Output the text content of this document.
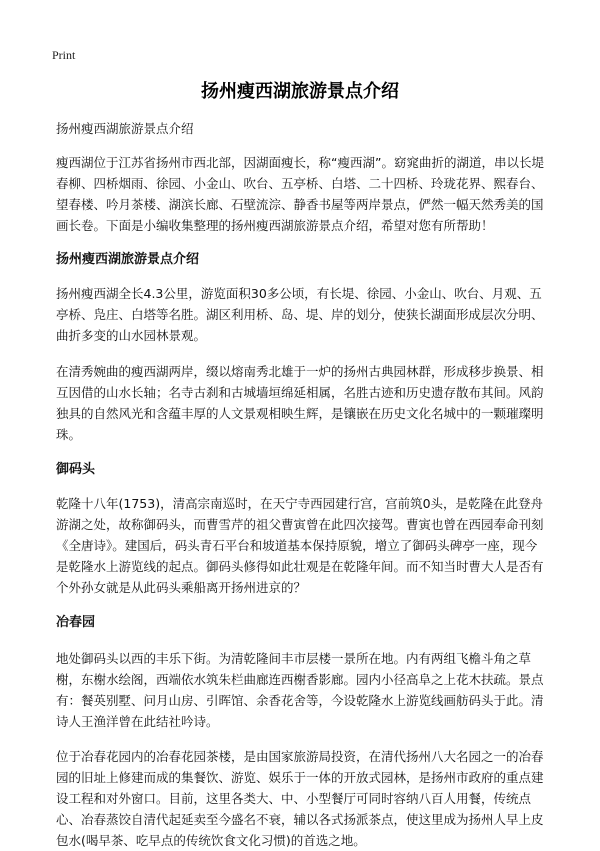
Print
扬州瘦西湖旅游景点介绍

扬州瘦西湖旅游景点介绍

瘦西湖位于江苏省扬州市西北部，因湖面瘦长，称“瘦西湖”。窈窕曲折的湖道，串以长堤春柳、四桥烟雨、徐园、小金山、吹台、五亭桥、白塔、二十四桥、玲珑花界、熙春台、望春楼、吟月茶楼、湖滨长廊、石壁流淙、静香书屋等两岸景点，俨然一幅天然秀美的国画长卷。下面是小编收集整理的扬州瘦西湖旅游景点介绍，希望对您有所帮助！

扬州瘦西湖旅游景点介绍

扬州瘦西湖全长4.3公里，游览面积30多公顷，有长堤、徐园、小金山、吹台、月观、五亭桥、凫庄、白塔等名胜。湖区利用桥、岛、堤、岸的划分，使狭长湖面形成层次分明、曲折多变的山水园林景观。

在清秀婉曲的瘦西湖两岸，缀以熔南秀北雄于一炉的扬州古典园林群，形成移步换景、相互因借的山水长轴；名寺古刹和古城墙垣绵延相属，名胜古迹和历史遗存散布其间。风韵独具的自然风光和含蕴丰厚的人文景观相映生辉，是镶嵌在历史文化名城中的一颗璀璨明珠。

御码头

乾隆十八年(1753)，清高宗南巡时，在天宁寺西园建行宫，宫前筑0头，是乾隆在此登舟游湖之处，故称御码头，而曹雪芹的祖父曹寅曾在此四次接驾。曹寅也曾在西园奉命刊刻《全唐诗》。建国后，码头青石平台和坡道基本保持原貌，增立了御码头碑亭一座，现今是乾隆水上游览线的起点。御码头修得如此壮观是在乾隆年间。而不知当时曹大人是否有个外孙女就是从此码头乘船离开扬州进京的？

冶春园

地处御码头以西的丰乐下街。为清乾隆间丰市层楼一景所在地。内有两组飞檐斗角之草榭，东榭水绘阁，西端依水筑朱栏曲廊连西榭香影廊。园内小径高阜之上花木扶疏。景点有：餐英别墅、问月山房、引晖馆、余香花舍等，今设乾隆水上游览线画舫码头于此。清诗人王渔洋曾在此结社吟诗。

位于冶春花园内的冶春花园茶楼，是由国家旅游局投资，在清代扬州八大名园之一的冶春园的旧址上修建而成的集餐饮、游览、娱乐于一体的开放式园林，是扬州市政府的重点建设工程和对外窗口。目前，这里各类大、中、小型餐厅可同时容纳八百人用餐，传统点心、冶春蒸饺自清代起延卖至今盛名不衰，辅以各式扬派茶点，使这里成为扬州人早上皮包水(喝早茶、吃早点的传统饮食文化习惯)的首选之地。
